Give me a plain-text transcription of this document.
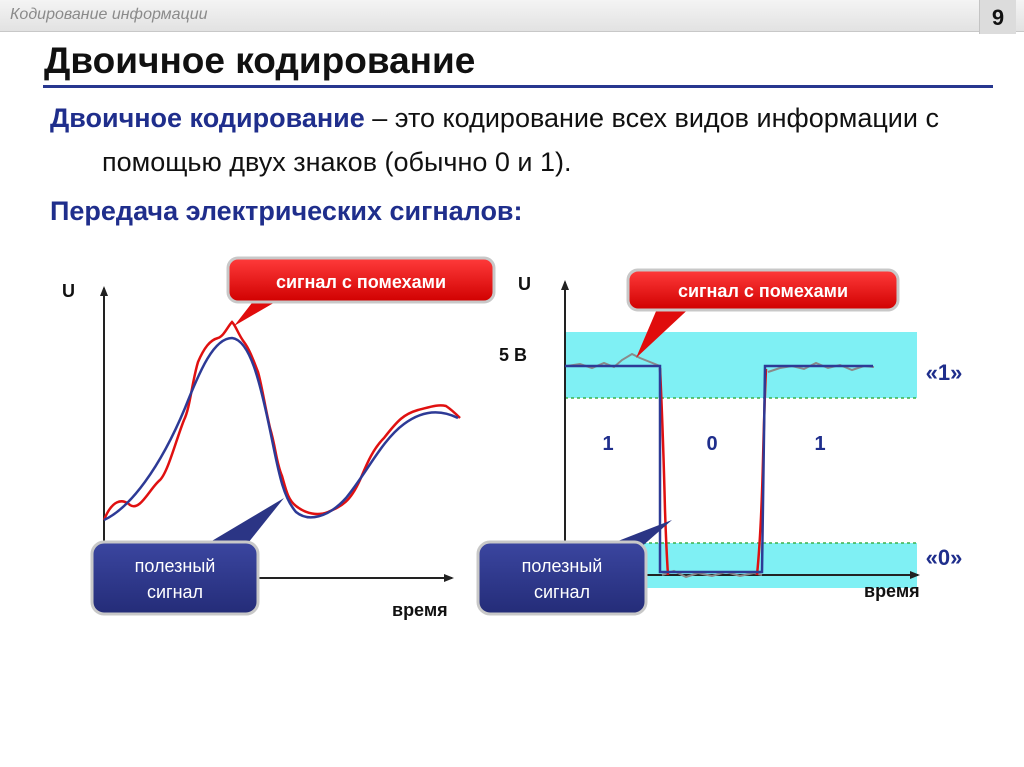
Кодирование информации	9
Двоичное кодирование
Двоичное кодирование – это кодирование всех видов информации с помощью двух знаков (обычно 0 и 1).
Передача электрических сигналов:
U
время
сигнал с помехами
полезный
сигнал
U
время
5 В
1	0	1
«1»
«0»
сигнал с помехами
полезный
сигнал
